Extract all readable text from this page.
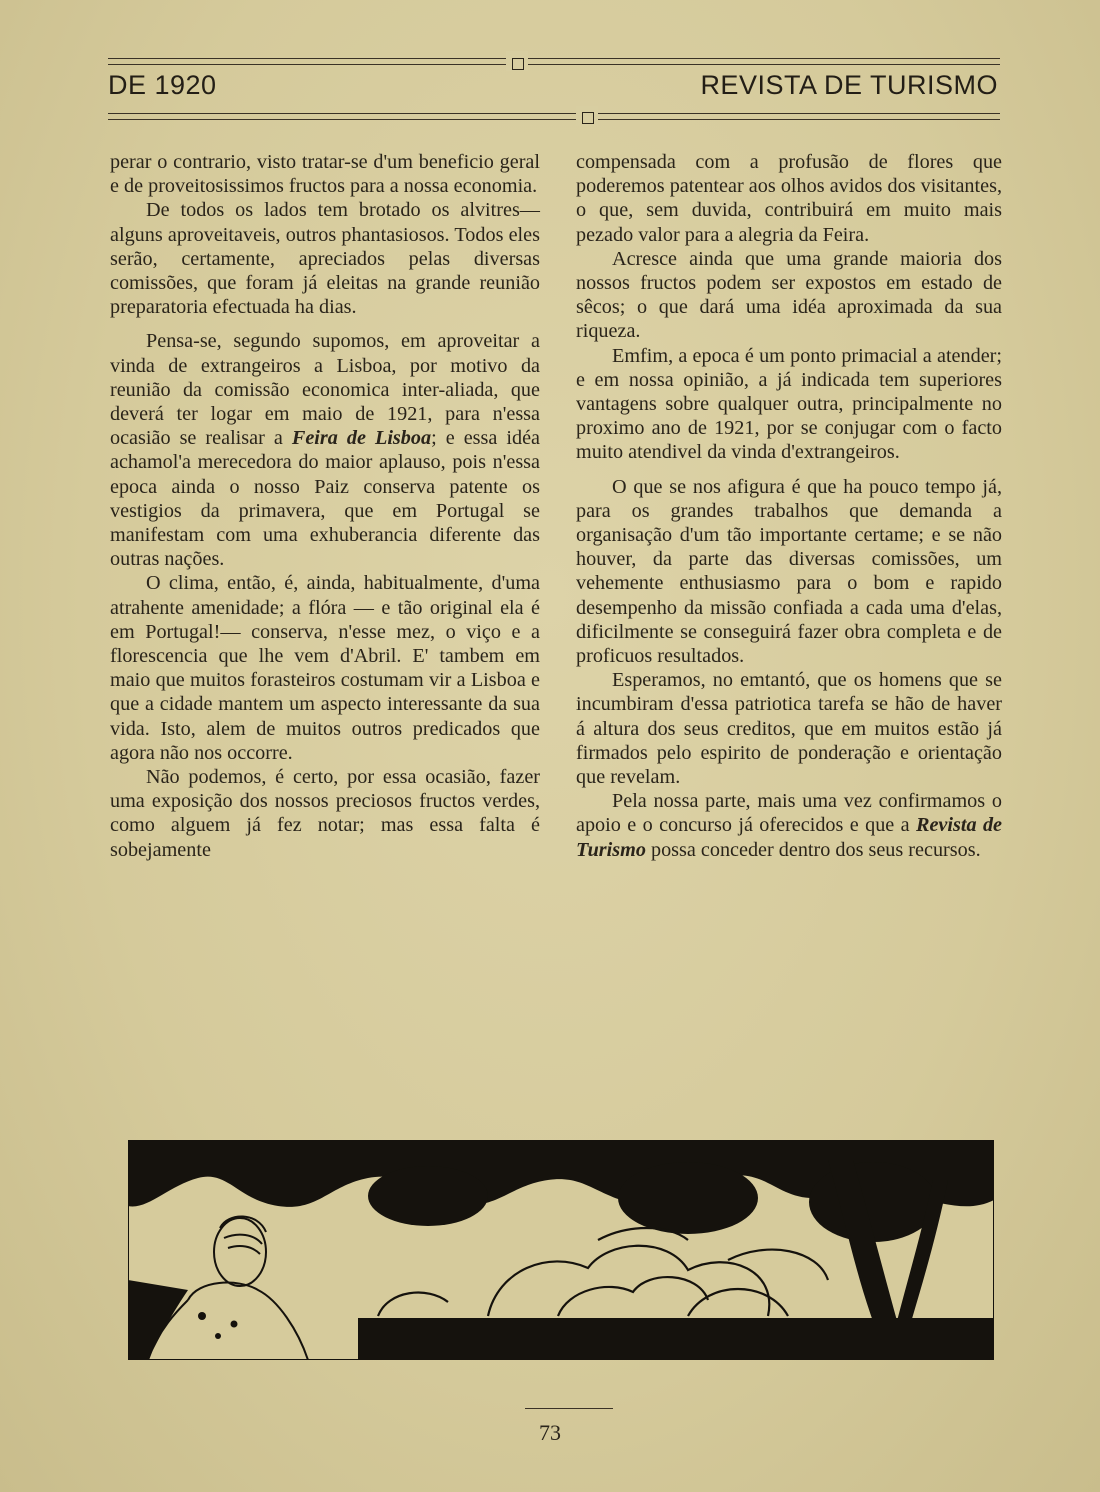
DE 1920	REVISTA DE TURISMO

perar o contrario, visto tratar-se d'um beneficio geral e de proveitosissimos fructos para a nossa economia.

De todos os lados tem brotado os alvitres—alguns aproveitaveis, outros phantasiosos. Todos eles serão, certamente, apreciados pelas diversas comissões, que foram já eleitas na grande reunião preparatoria efectuada ha dias.

Pensa-se, segundo supomos, em aproveitar a vinda de extrangeiros a Lisboa, por motivo da reunião da comissão economica inter-aliada, que deverá ter logar em maio de 1921, para n'essa ocasião se realisar a Feira de Lisboa; e essa idéa achamol'a merecedora do maior aplauso, pois n'essa epoca ainda o nosso Paiz conserva patente os vestigios da primavera, que em Portugal se manifestam com uma exhuberancia diferente das outras nações.

O clima, então, é, ainda, habitualmente, d'uma atrahente amenidade; a flóra — e tão original ela é em Portugal!— conserva, n'esse mez, o viço e a florescencia que lhe vem d'Abril. E' tambem em maio que muitos forasteiros costumam vir a Lisboa e que a cidade mantem um aspecto interessante da sua vida. Isto, alem de muitos outros predicados que agora não nos occorre.

Não podemos, é certo, por essa ocasião, fazer uma exposição dos nossos preciosos fructos verdes, como alguem já fez notar; mas essa falta é sobejamente

compensada com a profusão de flores que poderemos patentear aos olhos avidos dos visitantes, o que, sem duvida, contribuirá em muito mais pezado valor para a alegria da Feira.

Acresce ainda que uma grande maioria dos nossos fructos podem ser expostos em estado de sêcos; o que dará uma idéa aproximada da sua riqueza.

Emfim, a epoca é um ponto primacial a atender; e em nossa opinião, a já indicada tem superiores vantagens sobre qualquer outra, principalmente no proximo ano de 1921, por se conjugar com o facto muito atendivel da vinda d'extrangeiros.

O que se nos afigura é que ha pouco tempo já, para os grandes trabalhos que demanda a organisação d'um tão importante certame; e se não houver, da parte das diversas comissões, um vehemente enthusiasmo para o bom e rapido desempenho da missão confiada a cada uma d'elas, dificilmente se conseguirá fazer obra completa e de proficuos resultados.

Esperamos, no emtantó, que os homens que se incumbiram d'essa patriotica tarefa se hão de haver á altura dos seus creditos, que em muitos estão já firmados pelo espirito de ponderação e orientação que revelam.

Pela nossa parte, mais uma vez confirmamos o apoio e o concurso já oferecidos e que a Revista de Turismo possa conceder dentro dos seus recursos.

73
